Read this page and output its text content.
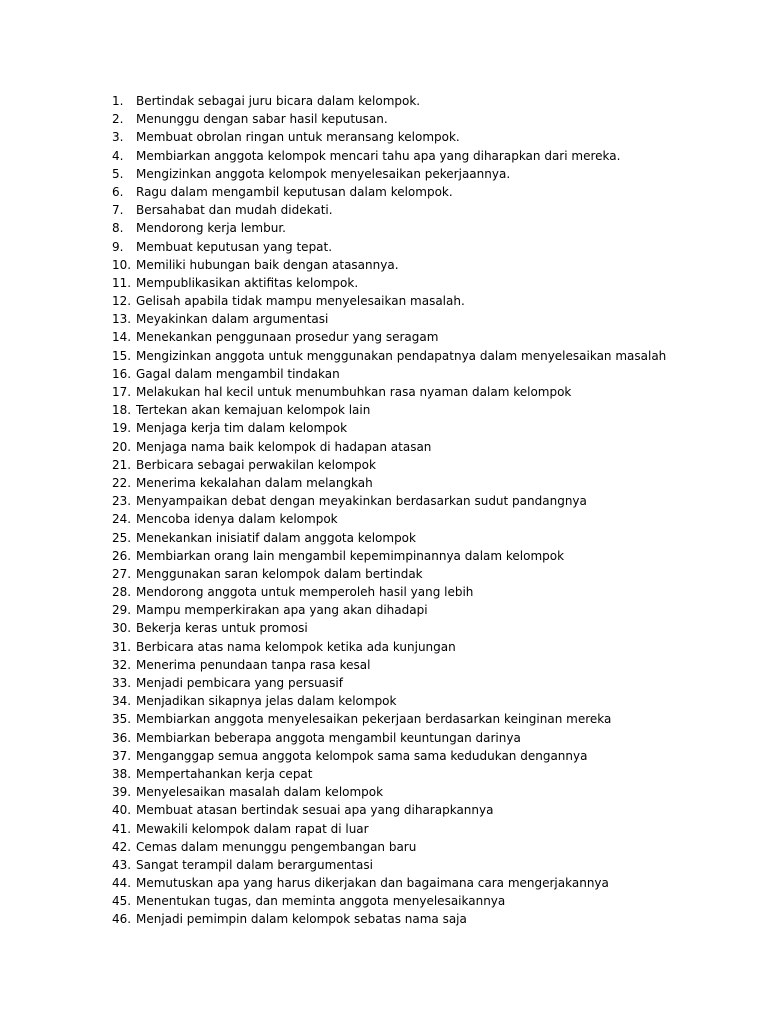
1.	Bertindak sebagai juru bicara dalam kelompok.
2.	Menunggu dengan sabar hasil keputusan.
3.	Membuat obrolan ringan untuk meransang kelompok.
4.	Membiarkan anggota kelompok mencari tahu apa yang diharapkan dari mereka.
5.	Mengizinkan anggota kelompok menyelesaikan pekerjaannya.
6.	Ragu dalam mengambil keputusan dalam kelompok.
7.	Bersahabat dan mudah didekati.
8.	Mendorong kerja lembur.
9.	Membuat keputusan yang tepat.
10. Memiliki hubungan baik dengan atasannya.
11. Mempublikasikan aktifitas kelompok.
12. Gelisah apabila tidak mampu menyelesaikan masalah.
13. Meyakinkan dalam argumentasi
14. Menekankan penggunaan prosedur yang seragam
15. Mengizinkan anggota untuk menggunakan pendapatnya dalam menyelesaikan masalah
16. Gagal dalam mengambil tindakan
17. Melakukan hal kecil untuk menumbuhkan rasa nyaman dalam kelompok
18. Tertekan akan kemajuan kelompok lain
19. Menjaga kerja tim dalam kelompok
20. Menjaga nama baik kelompok di hadapan atasan
21. Berbicara sebagai perwakilan kelompok
22. Menerima kekalahan dalam melangkah
23. Menyampaikan debat dengan meyakinkan berdasarkan sudut pandangnya
24. Mencoba idenya dalam kelompok
25. Menekankan inisiatif dalam anggota kelompok
26. Membiarkan orang lain mengambil kepemimpinannya dalam kelompok
27. Menggunakan saran kelompok dalam bertindak
28. Mendorong anggota untuk memperoleh hasil yang lebih
29. Mampu memperkirakan apa yang akan dihadapi
30. Bekerja keras untuk promosi
31. Berbicara atas nama kelompok ketika ada kunjungan
32. Menerima penundaan tanpa rasa kesal
33. Menjadi pembicara yang persuasif
34. Menjadikan sikapnya jelas dalam kelompok
35. Membiarkan anggota menyelesaikan pekerjaan berdasarkan keinginan mereka
36. Membiarkan beberapa anggota mengambil keuntungan darinya
37. Menganggap semua anggota kelompok sama sama kedudukan dengannya
38. Mempertahankan kerja cepat
39. Menyelesaikan masalah dalam kelompok
40. Membuat atasan bertindak sesuai apa yang diharapkannya
41. Mewakili kelompok dalam rapat di luar
42. Cemas dalam menunggu pengembangan baru
43. Sangat terampil dalam berargumentasi
44. Memutuskan apa yang harus dikerjakan dan bagaimana cara mengerjakannya
45. Menentukan tugas, dan meminta anggota menyelesaikannya
46. Menjadi pemimpin dalam kelompok sebatas nama saja
